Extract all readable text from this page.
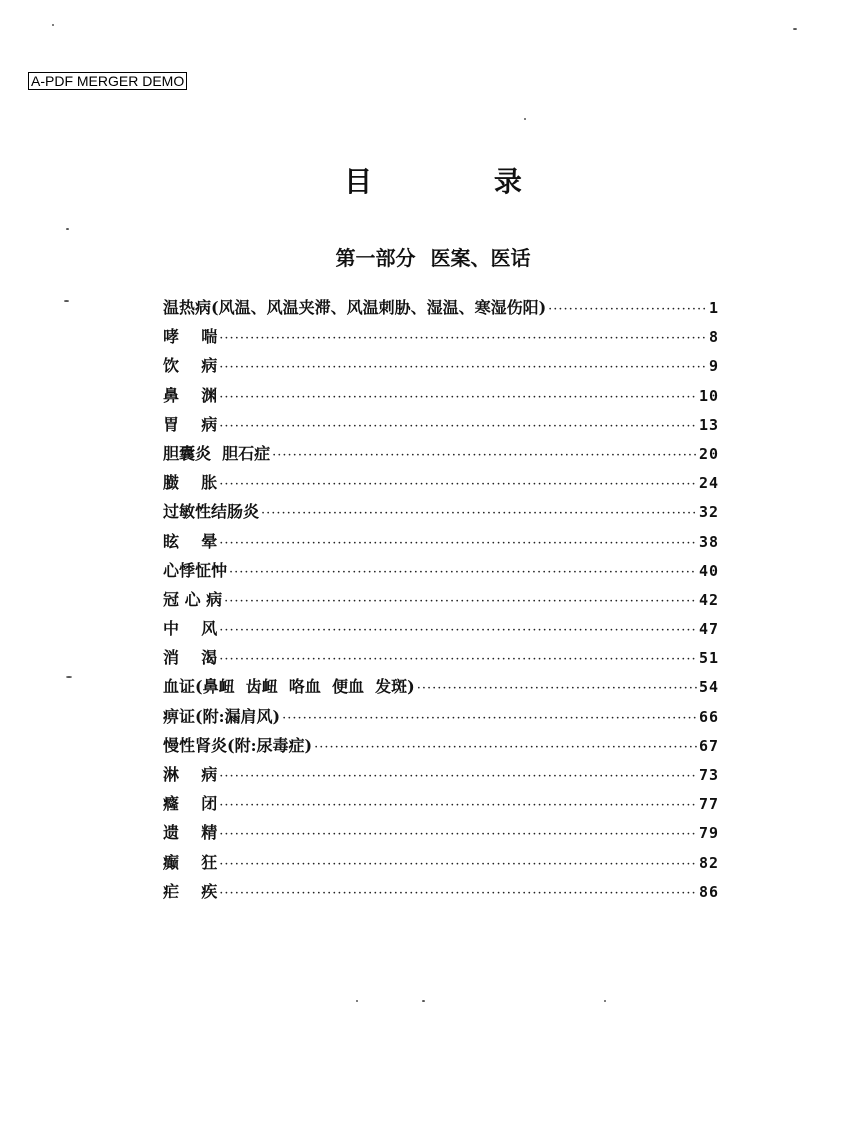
A-PDF MERGER DEMO
目 录
第一部分 医案、医话
温热病(风温、风温夹滞、风温刺胁、湿温、寒湿伤阳) ·····	1
哮    喘 ·····	8
饮    病 ·····	9
鼻    渊 ·····	10
胃    病 ·····	13
胆囊炎  胆石症 ·····	20
臌    胀 ·····	24
过敏性结肠炎 ·····	32
眩    晕 ·····	38
心悸怔忡 ·····	40
冠 心 病 ·····	42
中    风 ·····	47
消    渴 ·····	51
血证(鼻衄  齿衄  咯血  便血  发斑) ·····	54
痹证(附:漏肩风) ·····	66
慢性肾炎(附:尿毒症) ·····	67
淋    病 ·····	73
癃    闭 ·····	77
遗    精 ·····	79
癫    狂 ·····	82
疟    疾 ·····	86
